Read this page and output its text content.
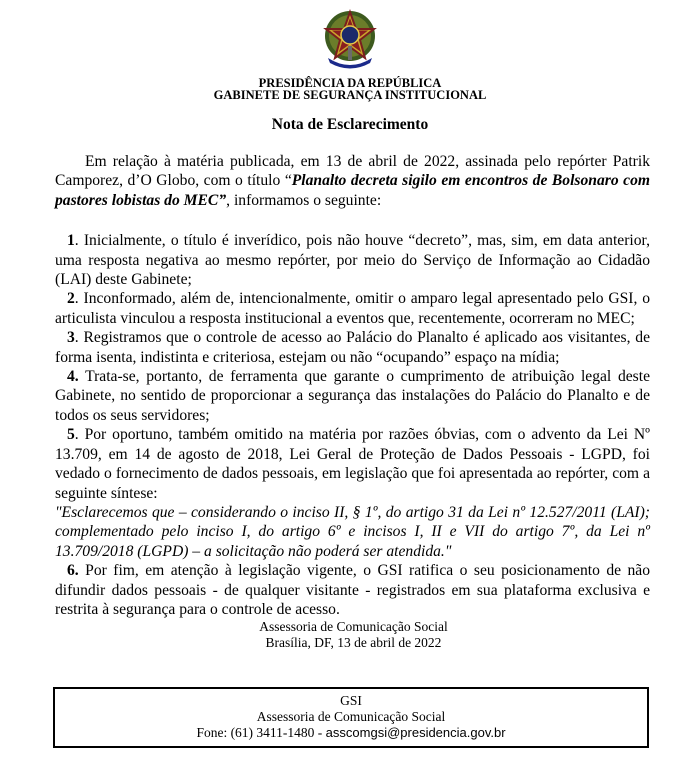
PRESIDÊNCIA DA REPÚBLICA
GABINETE DE SEGURANÇA INSTITUCIONAL
Nota de Esclarecimento

Em relação à matéria publicada, em 13 de abril de 2022, assinada pelo repórter Patrik Camporez, d’O Globo, com o título “Planalto decreta sigilo em encontros de Bolsonaro com pastores lobistas do MEC”, informamos o seguinte:

1. Inicialmente, o título é inverídico, pois não houve “decreto”, mas, sim, em data anterior, uma resposta negativa ao mesmo repórter, por meio do Serviço de Informação ao Cidadão (LAI) deste Gabinete;

2. Inconformado, além de, intencionalmente, omitir o amparo legal apresentado pelo GSI, o articulista vinculou a resposta institucional a eventos que, recentemente, ocorreram no MEC;

3. Registramos que o controle de acesso ao Palácio do Planalto é aplicado aos visitantes, de forma isenta, indistinta e criteriosa, estejam ou não “ocupando” espaço na mídia;

4. Trata-se, portanto, de ferramenta que garante o cumprimento de atribuição legal deste Gabinete, no sentido de proporcionar a segurança das instalações do Palácio do Planalto e de todos os seus servidores;

5. Por oportuno, também omitido na matéria por razões óbvias, com o advento da Lei Nº 13.709, em 14 de agosto de 2018, Lei Geral de Proteção de Dados Pessoais - LGPD, foi vedado o fornecimento de dados pessoais, em legislação que foi apresentada ao repórter, com a seguinte síntese:

"Esclarecemos que – considerando o inciso II, § 1º, do artigo 31 da Lei nº 12.527/2011 (LAI); complementado pelo inciso I, do artigo 6º e incisos I, II e VII do artigo 7º, da Lei nº 13.709/2018 (LGPD) – a solicitação não poderá ser atendida."

6. Por fim, em atenção à legislação vigente, o GSI ratifica o seu posicionamento de não difundir dados pessoais - de qualquer visitante - registrados em sua plataforma exclusiva e restrita à segurança para o controle de acesso.

Assessoria de Comunicação Social
Brasília, DF, 13 de abril de 2022
GSI
Assessoria de Comunicação Social
Fone: (61) 3411-1480 - asscomgsi@presidencia.gov.br
